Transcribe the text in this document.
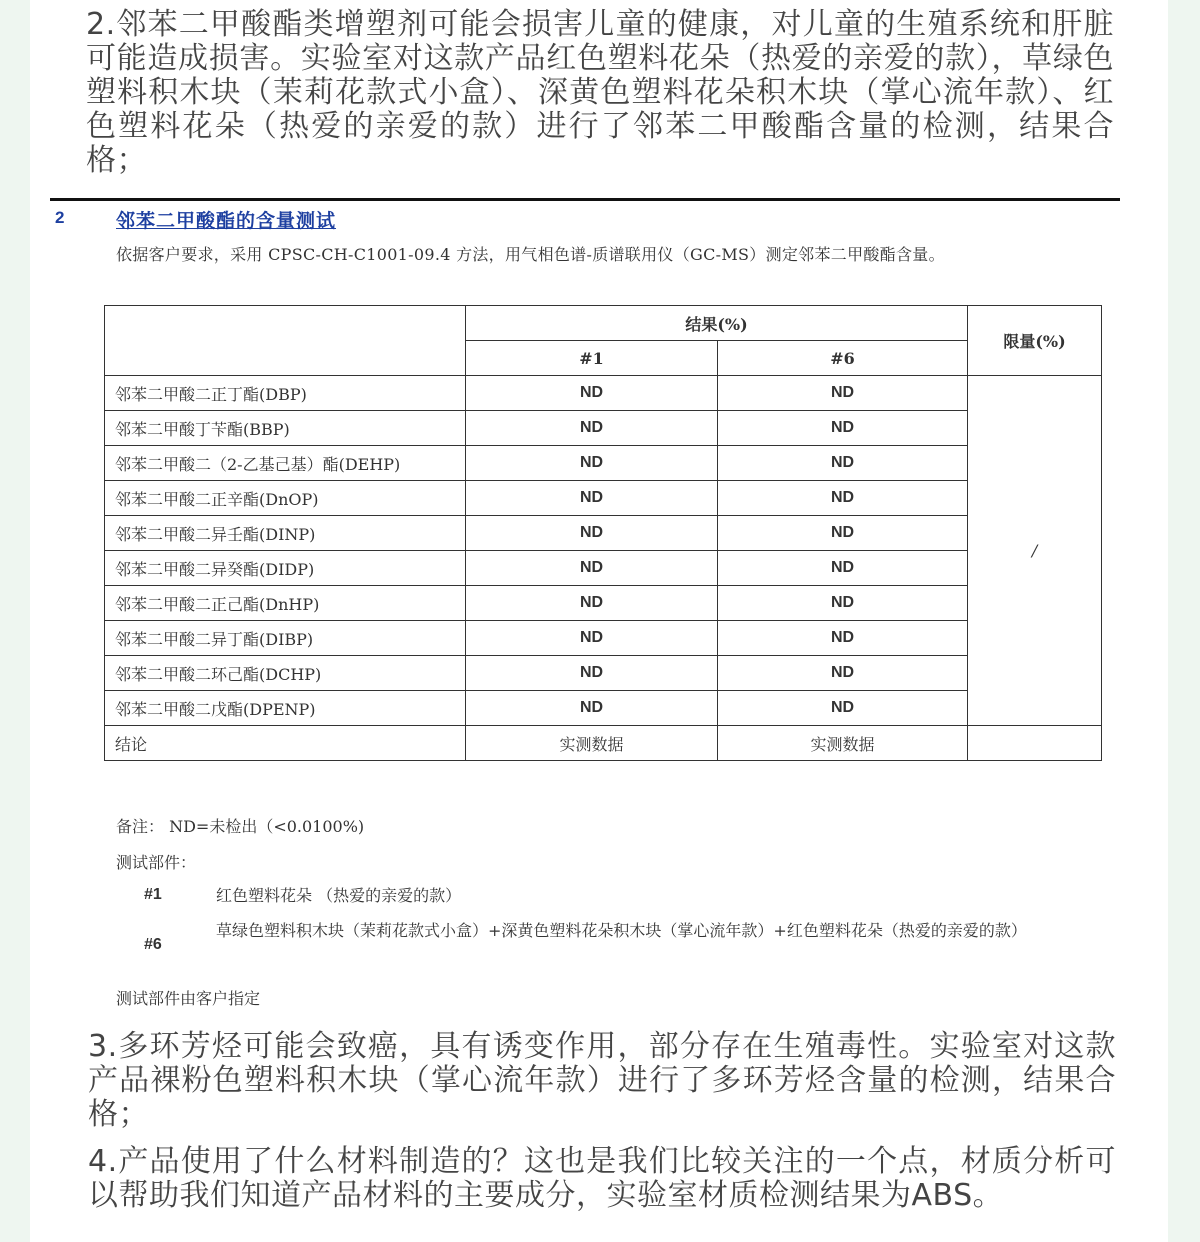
2.邻苯二甲酸酯类增塑剂可能会损害儿童的健康，对儿童的生殖系统和肝脏可能造成损害。实验室对这款产品红色塑料花朵（热爱的亲爱的款），草绿色塑料积木块（茉莉花款式小盒）、深黄色塑料花朵积木块（掌心流年款）、红色塑料花朵（热爱的亲爱的款）进行了邻苯二甲酸酯含量的检测，结果合格；

2	邻苯二甲酸酯的含量测试
依据客户要求，采用 CPSC-CH-C1001-09.4 方法，用气相色谱-质谱联用仪（GC-MS）测定邻苯二甲酸酯含量。
	结果(%)		限量(%)
	#1	#6	
邻苯二甲酸二正丁酯(DBP)	ND	ND	/
邻苯二甲酸丁苄酯(BBP)	ND	ND	
邻苯二甲酸二（2-乙基己基）酯(DEHP)	ND	ND	
邻苯二甲酸二正辛酯(DnOP)	ND	ND	
邻苯二甲酸二异壬酯(DINP)	ND	ND	
邻苯二甲酸二异癸酯(DIDP)	ND	ND	
邻苯二甲酸二正己酯(DnHP)	ND	ND	
邻苯二甲酸二异丁酯(DIBP)	ND	ND	
邻苯二甲酸二环己酯(DCHP)	ND	ND	
邻苯二甲酸二戊酯(DPENP)	ND	ND	
结论	实测数据	实测数据	
备注： ND=未检出（<0.0100%)
测试部件：
#1	红色塑料花朵 （热爱的亲爱的款）
#6
草绿色塑料积木块（茉莉花款式小盒）+深黄色塑料花朵积木块（掌心流年款）+红色塑料花朵（热爱的亲爱的款）
测试部件由客户指定

3.多环芳烃可能会致癌，具有诱变作用，部分存在生殖毒性。实验室对这款产品裸粉色塑料积木块（掌心流年款）进行了多环芳烃含量的检测，结果合格；

4.产品使用了什么材料制造的？这也是我们比较关注的一个点，材质分析可以帮助我们知道产品材料的主要成分，实验室材质检测结果为ABS。
